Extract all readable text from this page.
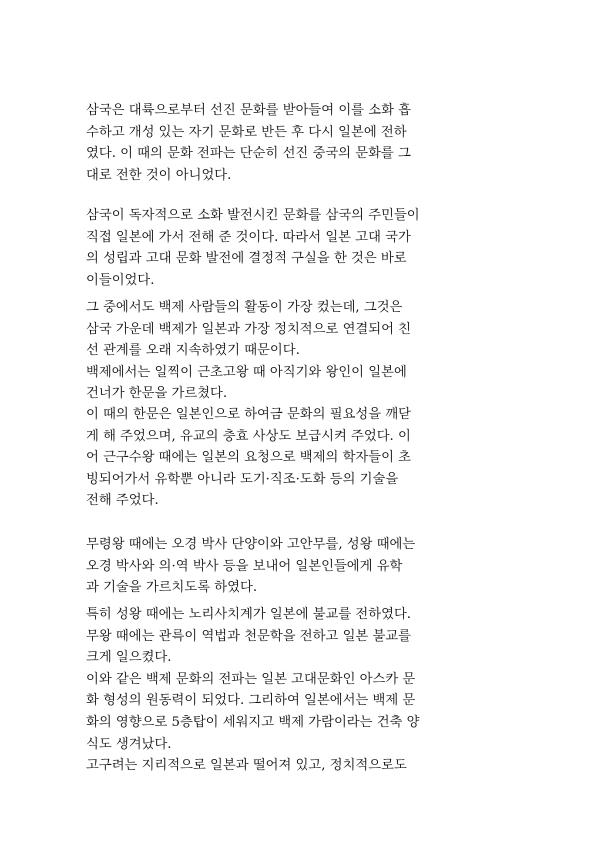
삼국은 대륙으로부터 선진 문화를 받아들여 이를 소화 흡
수하고 개성 있는 자기 문화로 반든 후 다시 일본에 전하
였다. 이 때의 문화 전파는 단순히 선진 중국의 문화를 그
대로 전한 것이 아니었다.
삼국이 독자적으로 소화 발전시킨 문화를 삼국의 주민들이
직접 일본에 가서 전해 준 것이다. 따라서 일본 고대 국가
의 성립과 고대 문화 발전에 결정적 구실을 한 것은 바로
이들이었다.
그 중에서도 백제 사람들의 활동이 가장 컸는데, 그것은
삼국 가운데 백제가 일본과 가장 정치적으로 연결되어 친
선 관계를 오래 지속하였기 때문이다.
백제에서는 일찍이 근초고왕 때 아직기와 왕인이 일본에
건너가 한문을 가르쳤다.
이 때의 한문은 일본인으로 하여금 문화의 필요성을 깨닫
게 해 주었으며, 유교의 충효 사상도 보급시켜 주었다. 이
어 근구수왕 때에는 일본의 요청으로 백제의 학자들이 초
빙되어가서 유학뿐 아니라 도기·직조·도화 등의 기술을
전해 주었다.
무령왕 때에는 오경 박사 단양이와 고안무를, 성왕 때에는
오경 박사와 의·역 박사 등을 보내어 일본인들에게 유학
과 기술을 가르치도록 하였다.
특히 성왕 때에는 노리사치계가 일본에 불교를 전하였다.
무왕 때에는 관륵이 역법과 천문학을 전하고 일본 불교를
크게 일으켰다.
이와 같은 백제 문화의 전파는 일본 고대문화인 아스카 문
화 형성의 원동력이 되었다. 그리하여 일본에서는 백제 문
화의 영향으로 5층탑이 세워지고 백제 가람이라는 건축 양
식도 생겨났다.
고구려는 지리적으로 일본과 떨어져 있고, 정치적으로도
